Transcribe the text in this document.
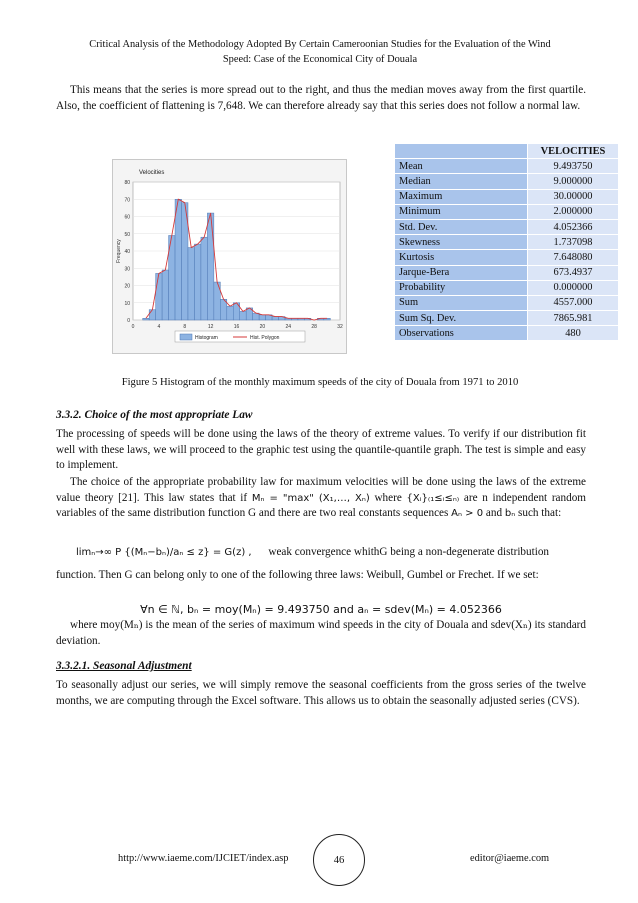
Critical Analysis of the Methodology Adopted By Certain Cameroonian Studies for the Evaluation of the Wind
Speed: Case of the Economical City of Douala
This means that the series is more spread out to the right, and thus the median moves away from the first quartile. Also, the coefficient of flattening is 7,648. We can therefore already say that this series does not follow a normal law.
0
10
20
30
40
50
60
70
80
0	4	8	12	16	20	24	28	32
Velocities
Frequency
Histogram	Hist. Polygon
	VELOCITIES
Mean	9.493750
Median	9.000000
Maximum	30.00000
Minimum	2.000000
Std. Dev.	4.052366
Skewness	1.737098
Kurtosis	7.648080
Jarque-Bera	673.4937
Probability	0.000000
Sum	4557.000
Sum Sq. Dev.	7865.981
Observations	480
Figure 5 Histogram of the monthly maximum speeds of the city of Douala from 1971 to 2010
3.3.2. Choice of the most appropriate Law
The processing of speeds will be done using the laws of the theory of extreme values. To verify if our distribution fit well with these laws, we will proceed to the graphic test using the quantile-quantile graph. The test is simple and easy to implement.
The choice of the appropriate probability law for maximum velocities will be done using the laws of the extreme value theory [21]. This law states that if Mₙ = "max" (X₁,…, Xₙ) where {Xᵢ}₍₁≤ᵢ≤ₙ₎ are n independent random variables of the same distribution function G and there are two real constants sequences Aₙ > 0 and bₙ such that:
limₙ→∞ P {(Mₙ−bₙ)/aₙ ≤ z} = G(z) , weak convergence whithG being a non-degenerate distribution
function. Then G can belong only to one of the following three laws: Weibull, Gumbel or Frechet. If we set:
∀n ∈ ℕ, bₙ = moy(Mₙ) = 9.493750 and aₙ = sdev(Mₙ) = 4.052366
where moy(Mₙ) is the mean of the series of maximum wind speeds in the city of Douala and sdev(Xₙ) its standard deviation.
3.3.2.1. Seasonal Adjustment
To seasonally adjust our series, we will simply remove the seasonal coefficients from the gross series of the twelve months, we are computing through the Excel software. This allows us to obtain the seasonally adjusted series (CVS).
http://www.iaeme.com/IJCIET/index.asp	46	editor@iaeme.com
